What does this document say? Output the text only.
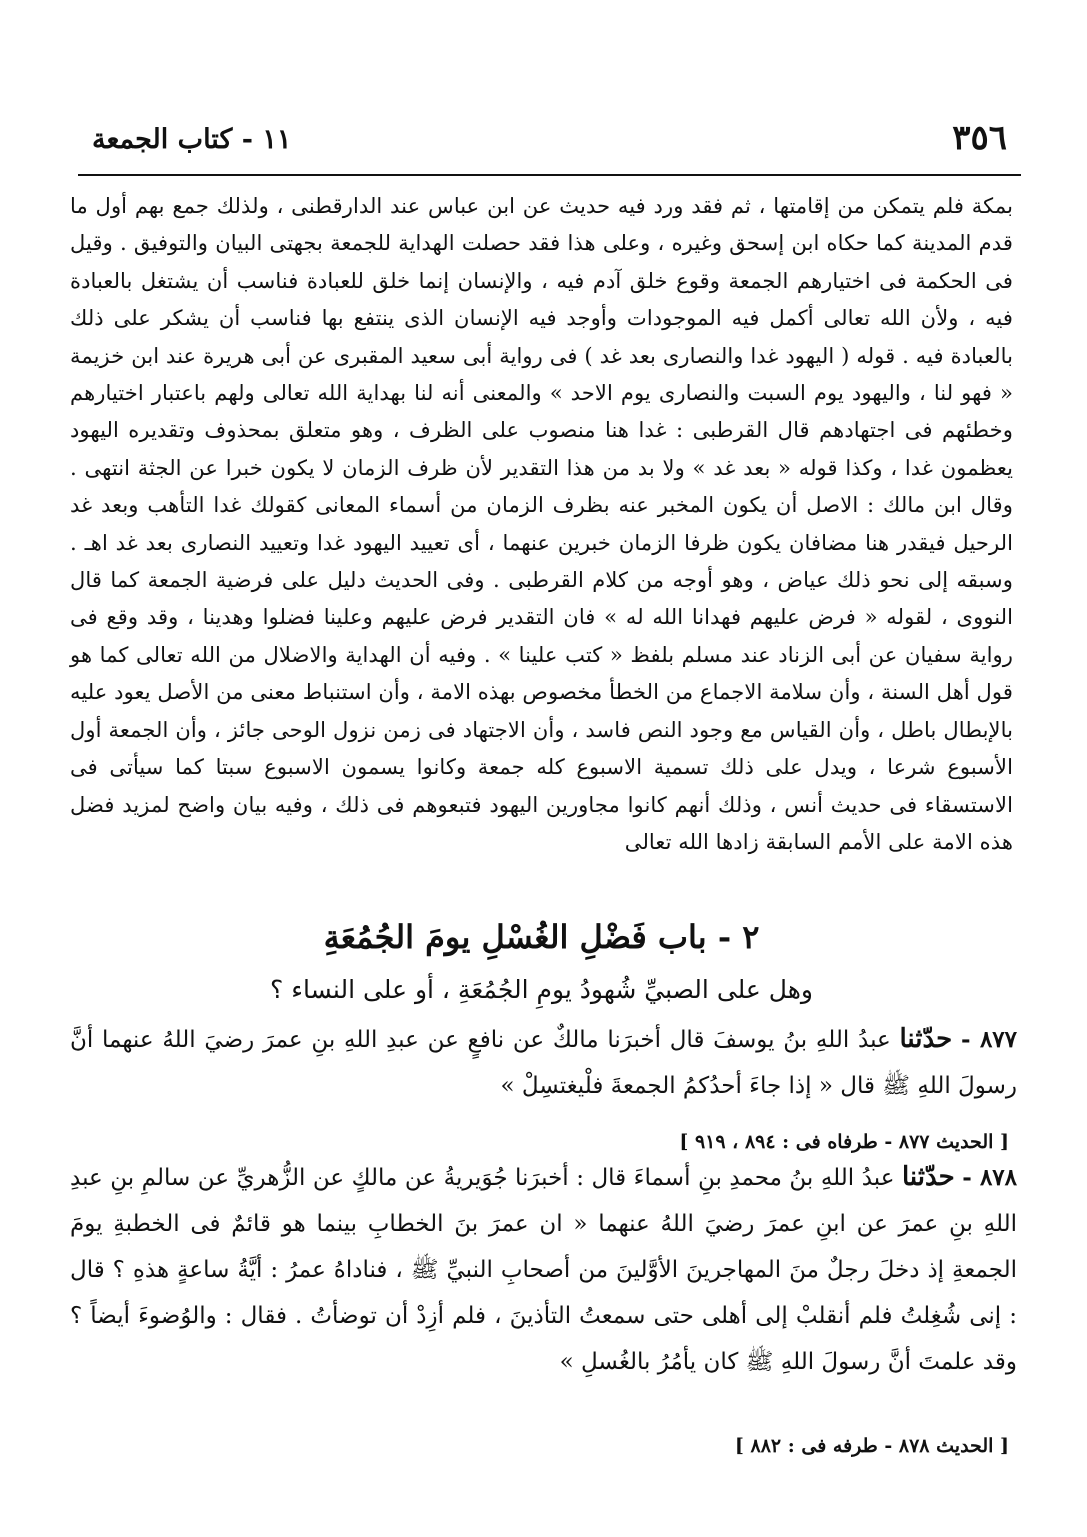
٣٥٦
١١ - كتاب الجمعة
بمكة فلم يتمكن من إقامتها ، ثم فقد ورد فيه حديث عن ابن عباس عند الدارقطنى ، ولذلك جمع بهم أول ما قدم المدينة كما حكاه ابن إسحق وغيره ، وعلى هذا فقد حصلت الهداية للجمعة بجهتى البيان والتوفيق . وقيل فى الحكمة فى اختيارهم الجمعة وقوع خلق آدم فيه ، والإنسان إنما خلق للعبادة فناسب أن يشتغل بالعبادة فيه ، ولأن الله تعالى أكمل فيه الموجودات وأوجد فيه الإنسان الذى ينتفع بها فناسب أن يشكر على ذلك بالعبادة فيه . قوله ( اليهود غدا والنصارى بعد غد ) فى رواية أبى سعيد المقبرى عن أبى هريرة عند ابن خزيمة « فهو لنا ، واليهود يوم السبت والنصارى يوم الاحد » والمعنى أنه لنا بهداية الله تعالى ولهم باعتبار اختيارهم وخطئهم فى اجتهادهم قال القرطبى : غدا هنا منصوب على الظرف ، وهو متعلق بمحذوف وتقديره اليهود يعظمون غدا ، وكذا قوله « بعد غد » ولا بد من هذا التقدير لأن ظرف الزمان لا يكون خبرا عن الجثة انتهى . وقال ابن مالك : الاصل أن يكون المخبر عنه بظرف الزمان من أسماء المعانى كقولك غدا التأهب وبعد غد الرحيل فيقدر هنا مضافان يكون ظرفا الزمان خبرين عنهما ، أى تعييد اليهود غدا وتعييد النصارى بعد غد اهـ . وسبقه إلى نحو ذلك عياض ، وهو أوجه من كلام القرطبى . وفى الحديث دليل على فرضية الجمعة كما قال النووى ، لقوله « فرض عليهم فهدانا الله له » فان التقدير فرض عليهم وعلينا فضلوا وهدينا ، وقد وقع فى رواية سفيان عن أبى الزناد عند مسلم بلفظ « كتب علينا » . وفيه أن الهداية والاضلال من الله تعالى كما هو قول أهل السنة ، وأن سلامة الاجماع من الخطأ مخصوص بهذه الامة ، وأن استنباط معنى من الأصل يعود عليه بالإبطال باطل ، وأن القياس مع وجود النص فاسد ، وأن الاجتهاد فى زمن نزول الوحى جائز ، وأن الجمعة أول الأسبوع شرعا ، ويدل على ذلك تسمية الاسبوع كله جمعة وكانوا يسمون الاسبوع سبتا كما سيأتى فى الاستسقاء فى حديث أنس ، وذلك أنهم كانوا مجاورين اليهود فتبعوهم فى ذلك ، وفيه بيان واضح لمزيد فضل هذه الامة على الأمم السابقة زادها الله تعالى
٢ - باب فَضْلِ الغُسْلِ يومَ الجُمُعَةِ
وهل على الصبيِّ شُهودُ يومِ الجُمُعَةِ ، أو على النساء ؟
٨٧٧ - حدّثنا عبدُ اللهِ بنُ يوسفَ قال أخبرَنا مالكٌ عن نافعٍ عن عبدِ اللهِ بنِ عمرَ رضيَ اللهُ عنهما أنَّ رسولَ اللهِ ﷺ قال « إذا جاءَ أحدُكمُ الجمعةَ فلْيغتسِلْ »
[ الحديث ٨٧٧ - طرفاه فى : ٨٩٤ ، ٩١٩ ]
٨٧٨ - حدّثنا عبدُ اللهِ بنُ محمدِ بنِ أسماءَ قال : أخبرَنا جُوَيريةُ عن مالكٍ عن الزُّهريِّ عن سالمِ بنِ عبدِ اللهِ بنِ عمرَ عن ابنِ عمرَ رضيَ اللهُ عنهما « ان عمرَ بنَ الخطابِ بينما هو قائمٌ فى الخطبةِ يومَ الجمعةِ إذ دخلَ رجلٌ منَ المهاجرينَ الأوَّلينَ من أصحابِ النبيِّ ﷺ ، فناداهُ عمرُ : أيَّةُ ساعةٍ هذهِ ؟ قال : إنى شُغِلتُ فلم أنقلبْ إلى أهلى حتى سمعتُ التأذينَ ، فلم أزِدْ أن توضأتُ . فقال : والوُضوءَ أيضاً ؟ وقد علمتَ أنَّ رسولَ اللهِ ﷺ كان يأمُرُ بالغُسلِ »
[ الحديث ٨٧٨ - طرفه فى : ٨٨٢ ]
